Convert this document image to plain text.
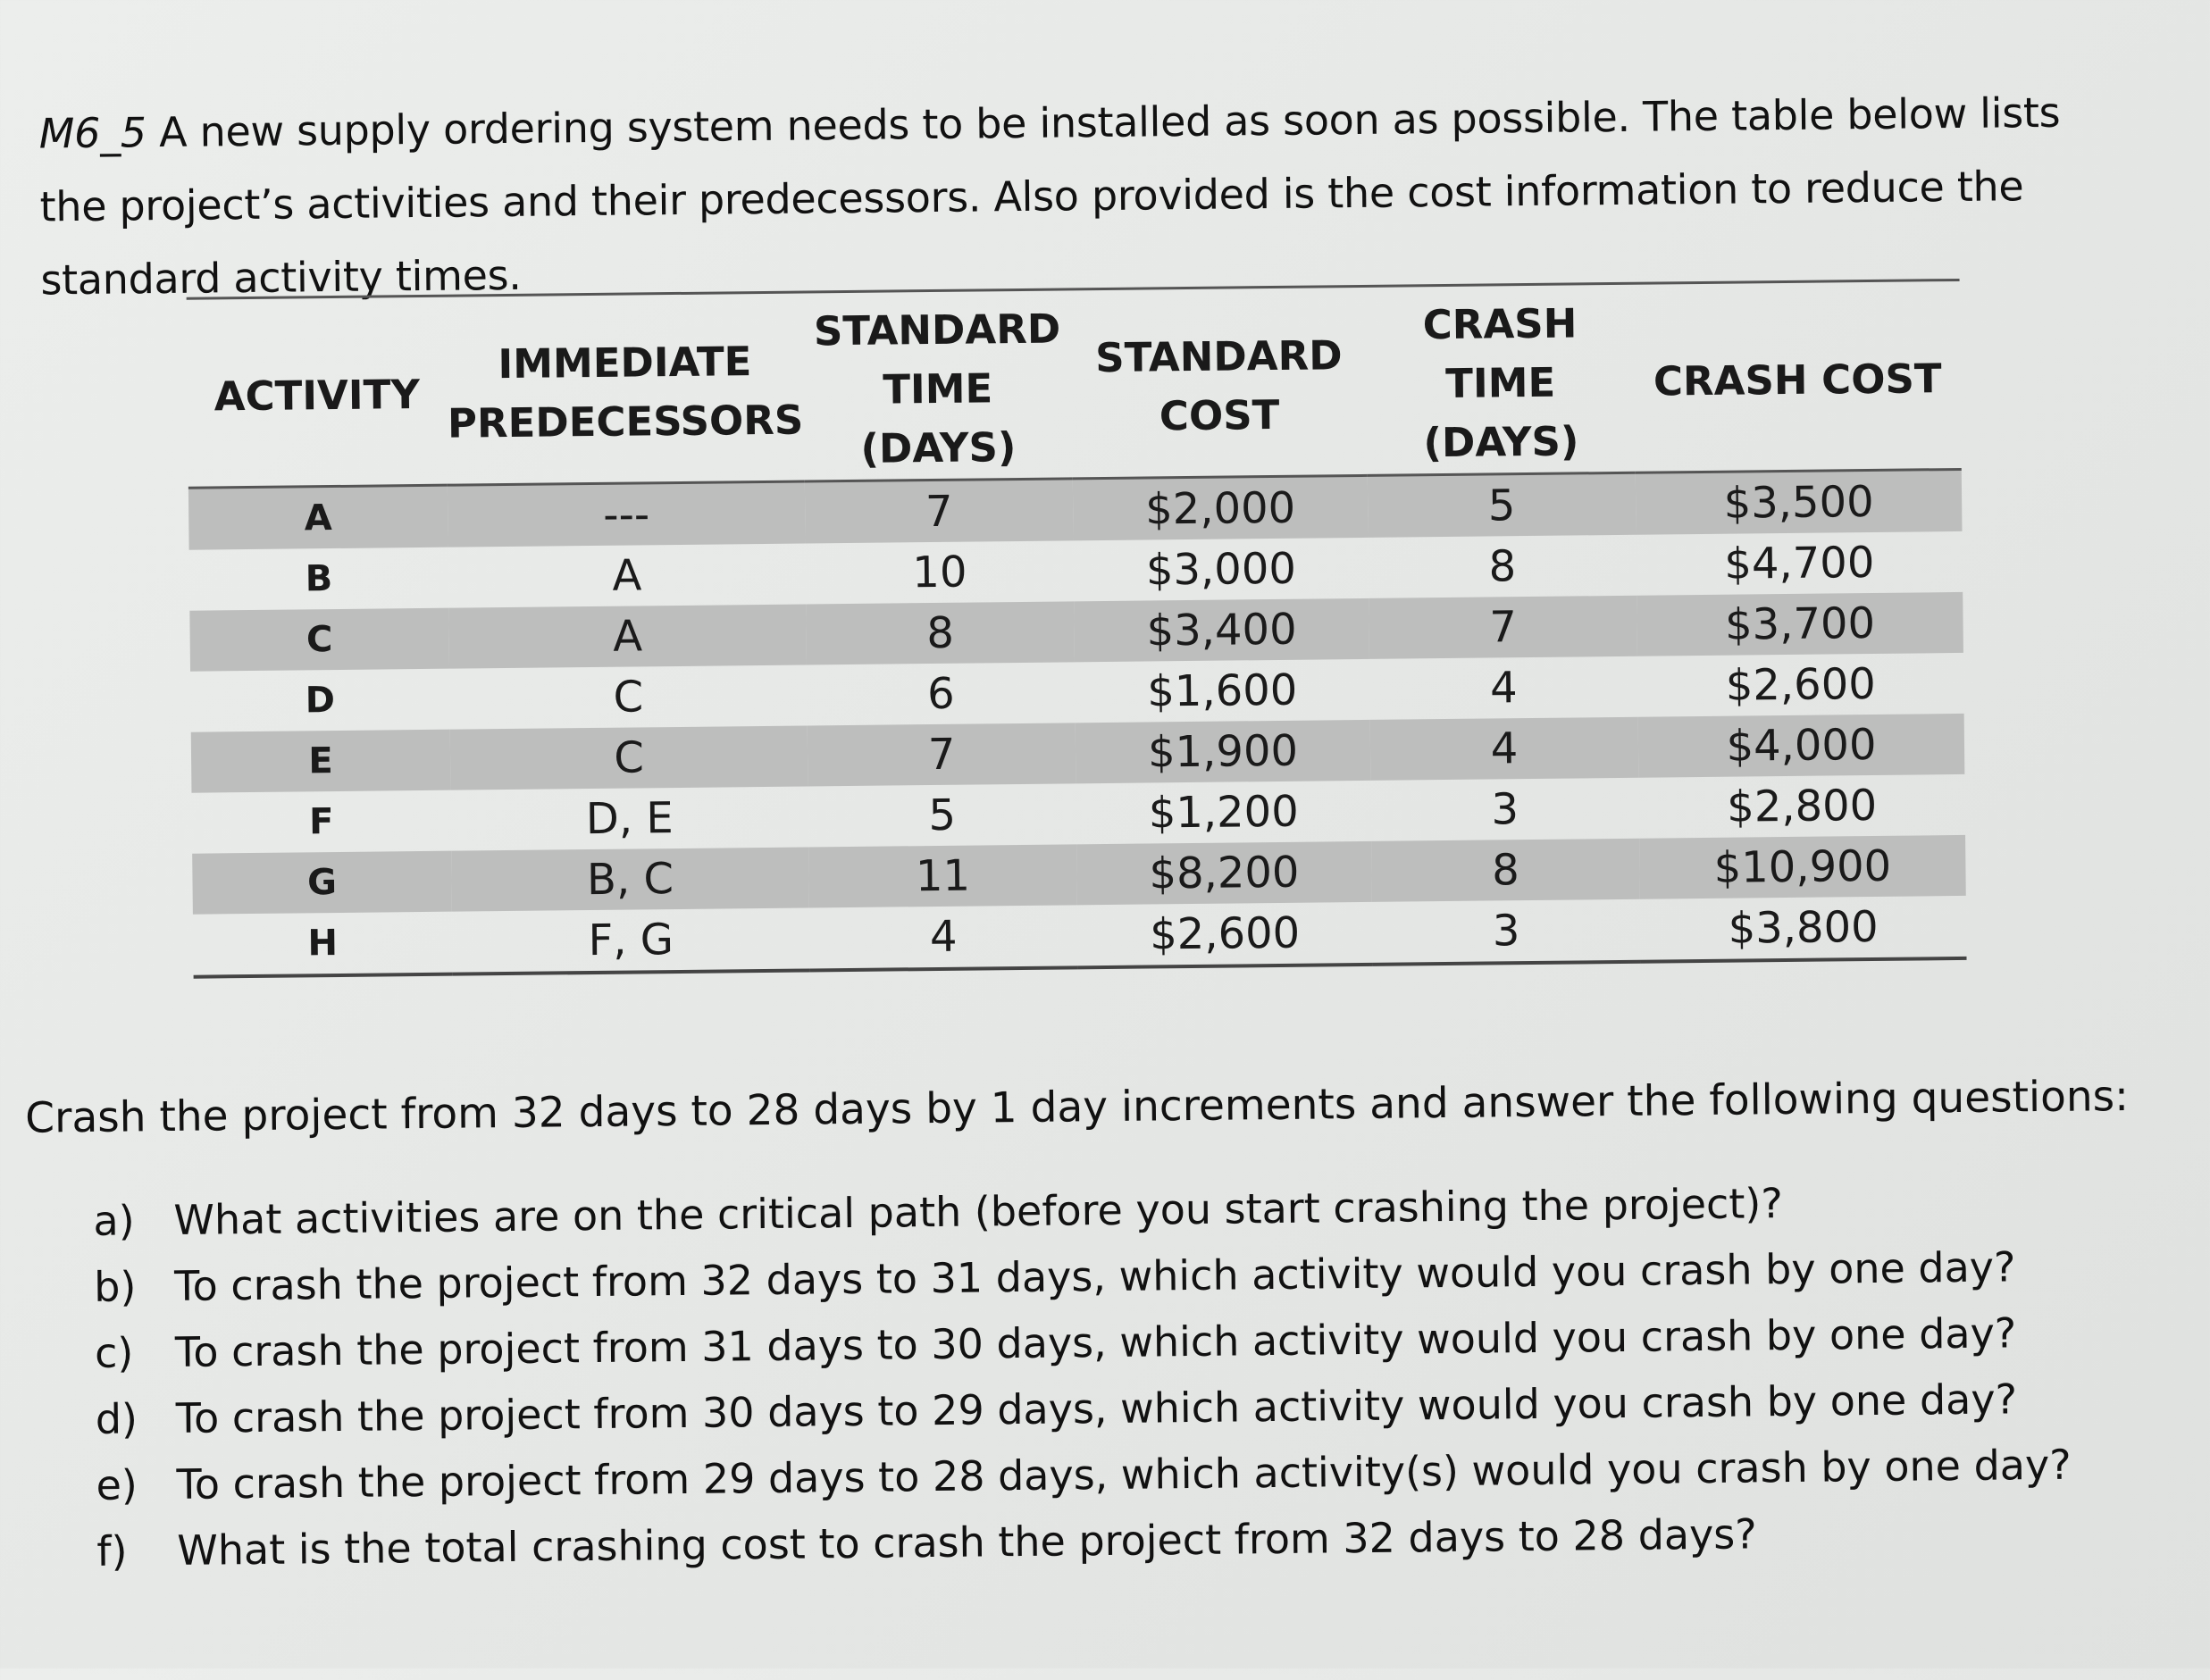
M6_5 A new supply ordering system needs to be installed as soon as possible. The table below lists the project’s activities and their predecessors. Also provided is the cost information to reduce the standard activity times.

ACTIVITY	IMMEDIATE PREDECESSORS	STANDARD TIME (DAYS)	STANDARD COST	CRASH TIME (DAYS)	CRASH COST
A	---	7	$2,000	5	$3,500
B	A	10	$3,000	8	$4,700
C	A	8	$3,400	7	$3,700
D	C	6	$1,600	4	$2,600
E	C	7	$1,900	4	$4,000
F	D, E	5	$1,200	3	$2,800
G	B, C	11	$8,200	8	$10,900
H	F, G	4	$2,600	3	$3,800

Crash the project from 32 days to 28 days by 1 day increments and answer the following questions:

a) What activities are on the critical path (before you start crashing the project)?
b) To crash the project from 32 days to 31 days, which activity would you crash by one day?
c)	To crash the project from 31 days to 30 days, which activity would you crash by one day?
d) To crash the project from 30 days to 29 days, which activity would you crash by one day?
e) To crash the project from 29 days to 28 days, which activity(s) would you crash by one day?
f)	What is the total crashing cost to crash the project from 32 days to 28 days?
